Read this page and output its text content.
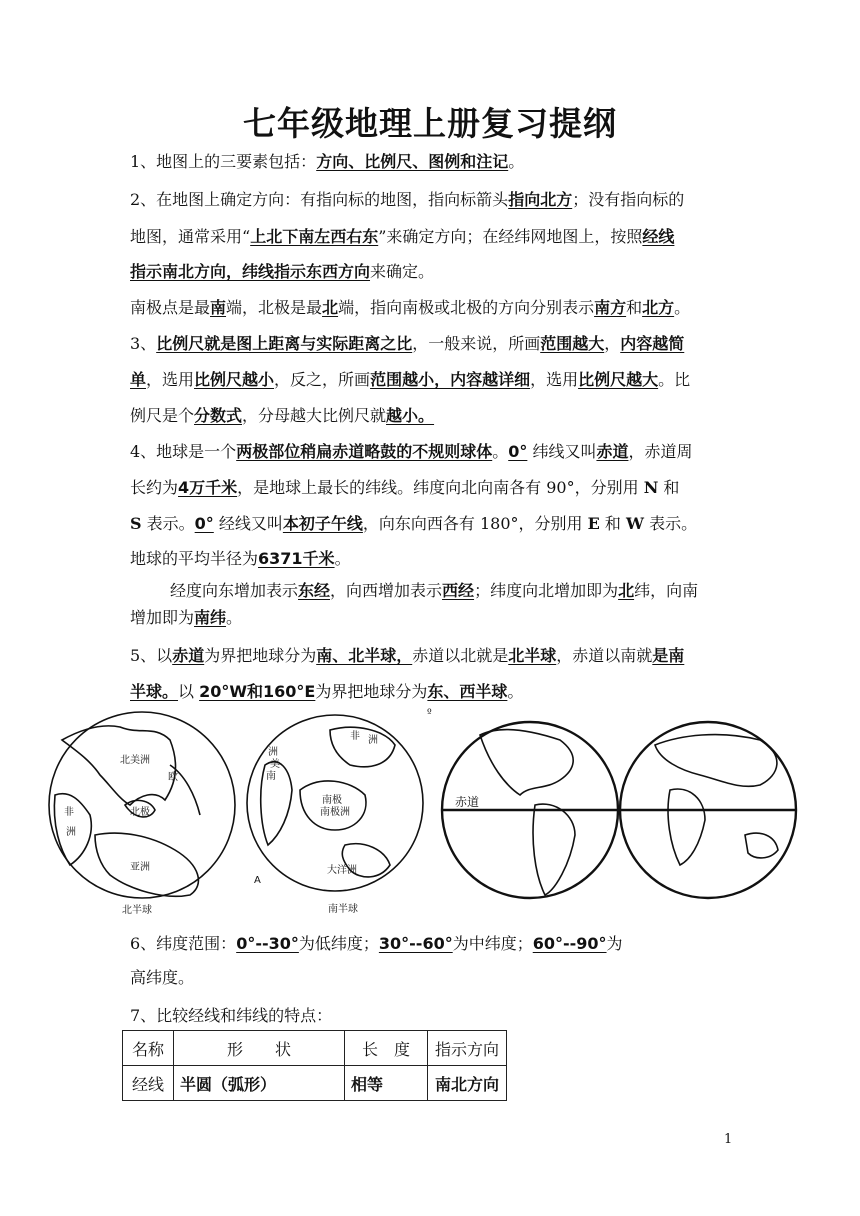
七年级地理上册复习提纲
1、地图上的三要素包括：方向、比例尺、图例和注记。
2、在地图上确定方向：有指向标的地图，指向标箭头指向北方；没有指向标的
地图，通常采用“上北下南左西右东”来确定方向；在经纬网地图上，按照经线
指示南北方向，纬线指示东西方向来确定。
南极点是最南端，北极是最北端，指向南极或北极的方向分别表示南方和北方。
3、比例尺就是图上距离与实际距离之比，一般来说，所画范围越大，内容越简
单，选用比例尺越小，反之，所画范围越小，内容越详细，选用比例尺越大。比
例尺是个分数式，分母越大比例尺就越小。
4、地球是一个两极部位稍扁赤道略鼓的不规则球体。0° 纬线又叫赤道，赤道周
长约为4万千米，是地球上最长的纬线。纬度向北向南各有 90°，分别用 N 和
S 表示。0° 经线又叫本初子午线，向东向西各有 180°，分别用 E 和 W 表示。
地球的平均半径为6371千米。
经度向东增加表示东经，向西增加表示西经；纬度向北增加即为北纬，向南
增加即为南纬。
5、以赤道为界把地球分为南、北半球，赤道以北就是北半球，赤道以南就是南
半球。以 20°W和160°E为界把地球分为东、西半球。
º
北美洲
欧
非
洲
北极
亚洲
北半球
非 洲
洲
美
南
南极
南极洲
大洋洲
南半球
A
赤道
6、纬度范围：0°--30°为低纬度；30°--60°为中纬度；60°--90°为
高纬度。
7、比较经线和纬线的特点：
名称	形　　状	长　度	指示方向
经线	半圆（弧形）	相等	南北方向
1
